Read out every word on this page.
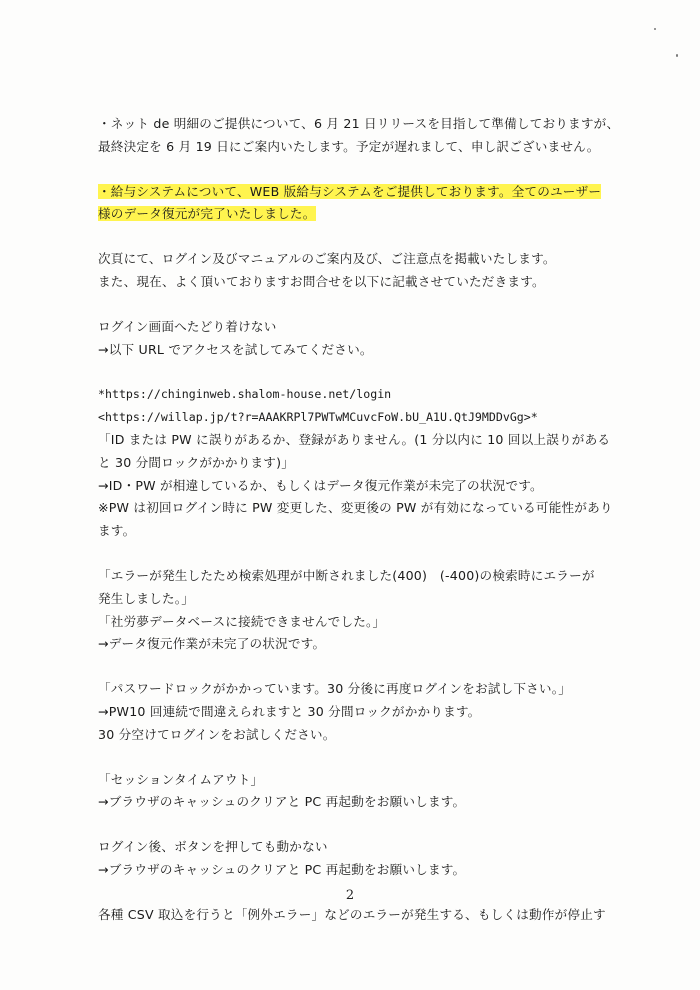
・ネット de 明細のご提供について、6 月 21 日リリースを目指して準備しておりますが、
最終決定を 6 月 19 日にご案内いたします。予定が遅れまして、申し訳ございません。

・給与システムについて、WEB 版給与システムをご提供しております。全てのユーザー
様のデータ復元が完了いたしました。

次頁にて、ログイン及びマニュアルのご案内及び、ご注意点を掲載いたします。
また、現在、よく頂いておりますお問合せを以下に記載させていただきます。

ログイン画面へたどり着けない
→以下 URL でアクセスを試してみてください。

*https://chinginweb.shalom-house.net/login
<https://willap.jp/t?r=AAAKRPl7PWTwMCuvcFoW.bU_A1U.QtJ9MDDvGg>*
「ID または PW に誤りがあるか、登録がありません。(1 分以内に 10 回以上誤りがある
と 30 分間ロックがかかります)」
→ID・PW が相違しているか、もしくはデータ復元作業が未完了の状況です。
※PW は初回ログイン時に PW 変更した、変更後の PW が有効になっている可能性があり
ます。

「エラーが発生したため検索処理が中断されました(400)　(-400)の検索時にエラーが
発生しました。」
「社労夢データベースに接続できませんでした。」
→データ復元作業が未完了の状況です。

「パスワードロックがかかっています。30 分後に再度ログインをお試し下さい。」
→PW10 回連続で間違えられますと 30 分間ロックがかかります。
30 分空けてログインをお試しください。

「セッションタイムアウト」
→ブラウザのキャッシュのクリアと PC 再起動をお願いします。

ログイン後、ボタンを押しても動かない
→ブラウザのキャッシュのクリアと PC 再起動をお願いします。

各種 CSV 取込を行うと「例外エラー」などのエラーが発生する、もしくは動作が停止す

2
